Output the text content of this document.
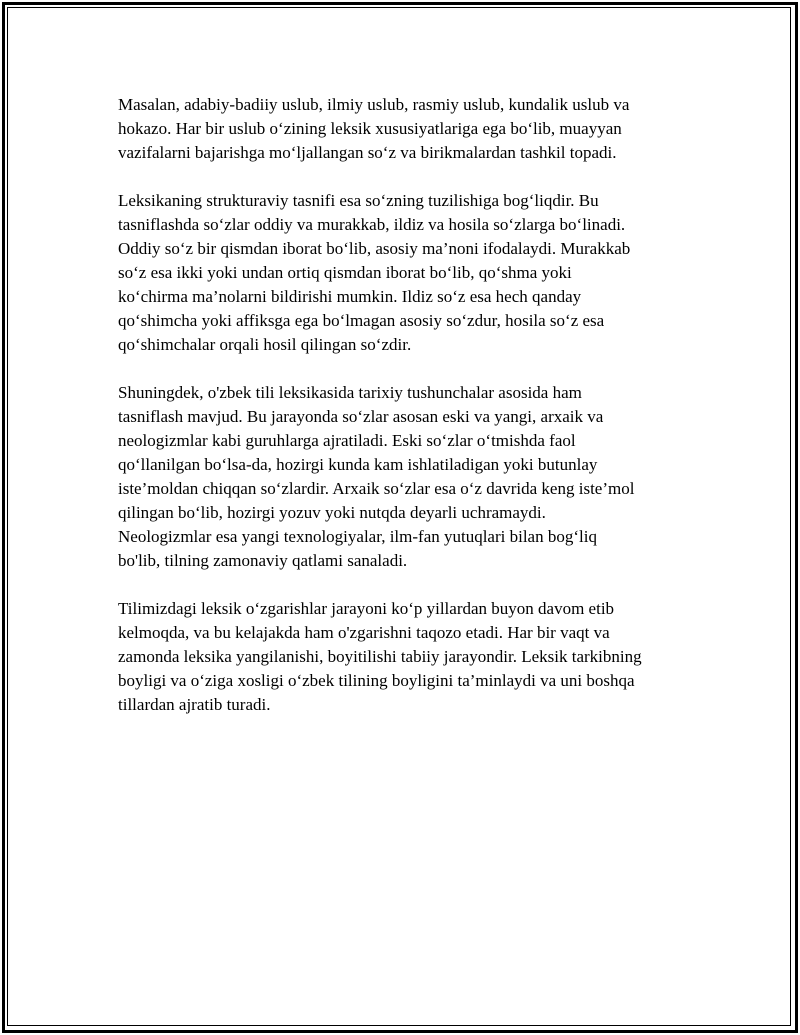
Masalan, adabiy-badiiy uslub, ilmiy uslub, rasmiy uslub, kundalik uslub va
hokazo. Har bir uslub o‘zining leksik xususiyatlariga ega bo‘lib, muayyan
vazifalarni bajarishga mo‘ljallangan so‘z va birikmalardan tashkil topadi.

Leksikaning strukturaviy tasnifi esa so‘zning tuzilishiga bog‘liqdir. Bu
tasniflashda so‘zlar oddiy va murakkab, ildiz va hosila so‘zlarga bo‘linadi.
Oddiy so‘z bir qismdan iborat bo‘lib, asosiy ma’noni ifodalaydi. Murakkab
so‘z esa ikki yoki undan ortiq qismdan iborat bo‘lib, qo‘shma yoki
ko‘chirma ma’nolarni bildirishi mumkin. Ildiz so‘z esa hech qanday
qo‘shimcha yoki affiksga ega bo‘lmagan asosiy so‘zdur, hosila so‘z esa
qo‘shimchalar orqali hosil qilingan so‘zdir.

Shuningdek, o'zbek tili leksikasida tarixiy tushunchalar asosida ham
tasniflash mavjud. Bu jarayonda so‘zlar asosan eski va yangi, arxaik va
neologizmlar kabi guruhlarga ajratiladi. Eski so‘zlar o‘tmishda faol
qo‘llanilgan bo‘lsa-da, hozirgi kunda kam ishlatiladigan yoki butunlay
iste’moldan chiqqan so‘zlardir. Arxaik so‘zlar esa o‘z davrida keng iste’mol
qilingan bo‘lib, hozirgi yozuv yoki nutqda deyarli uchramaydi.
Neologizmlar esa yangi texnologiyalar, ilm-fan yutuqlari bilan bog‘liq
bo'lib, tilning zamonaviy qatlami sanaladi.

Tilimizdagi leksik o‘zgarishlar jarayoni ko‘p yillardan buyon davom etib
kelmoqda, va bu kelajakda ham o'zgarishni taqozo etadi. Har bir vaqt va
zamonda leksika yangilanishi, boyitilishi tabiiy jarayondir. Leksik tarkibning
boyligi va o‘ziga xosligi o‘zbek tilining boyligini ta’minlaydi va uni boshqa
tillardan ajratib turadi.
